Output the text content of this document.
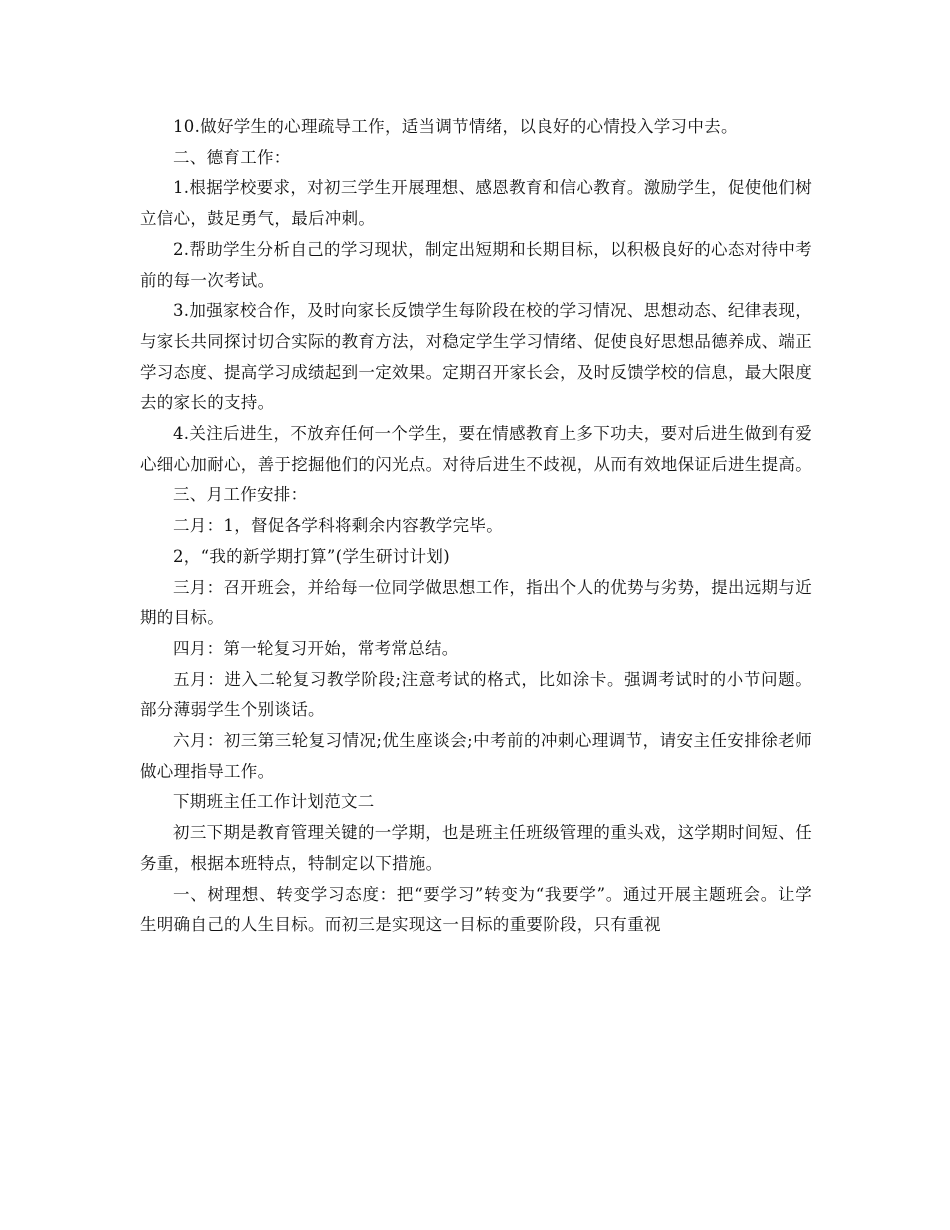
10.做好学生的心理疏导工作，适当调节情绪，以良好的心情投入学习中去。

二、德育工作：

1.根据学校要求，对初三学生开展理想、感恩教育和信心教育。激励学生，促使他们树立信心，鼓足勇气，最后冲刺。

2.帮助学生分析自己的学习现状，制定出短期和长期目标，以积极良好的心态对待中考前的每一次考试。

3.加强家校合作，及时向家长反馈学生每阶段在校的学习情况、思想动态、纪律表现，与家长共同探讨切合实际的教育方法，对稳定学生学习情绪、促使良好思想品德养成、端正学习态度、提高学习成绩起到一定效果。定期召开家长会，及时反馈学校的信息，最大限度去的家长的支持。

4.关注后进生，不放弃任何一个学生，要在情感教育上多下功夫，要对后进生做到有爱心细心加耐心，善于挖掘他们的闪光点。对待后进生不歧视，从而有效地保证后进生提高。

三、月工作安排：

二月：1，督促各学科将剩余内容教学完毕。

2，“我的新学期打算”(学生研讨计划)

三月：召开班会，并给每一位同学做思想工作，指出个人的优势与劣势，提出远期与近期的目标。

四月：第一轮复习开始，常考常总结。

五月：进入二轮复习教学阶段;注意考试的格式，比如涂卡。强调考试时的小节问题。部分薄弱学生个别谈话。

六月：初三第三轮复习情况;优生座谈会;中考前的冲刺心理调节，请安主任安排徐老师做心理指导工作。

下期班主任工作计划范文二

初三下期是教育管理关键的一学期，也是班主任班级管理的重头戏，这学期时间短、任务重，根据本班特点，特制定以下措施。

一、树理想、转变学习态度：把“要学习”转变为“我要学”。通过开展主题班会。让学生明确自己的人生目标。而初三是实现这一目标的重要阶段，只有重视
